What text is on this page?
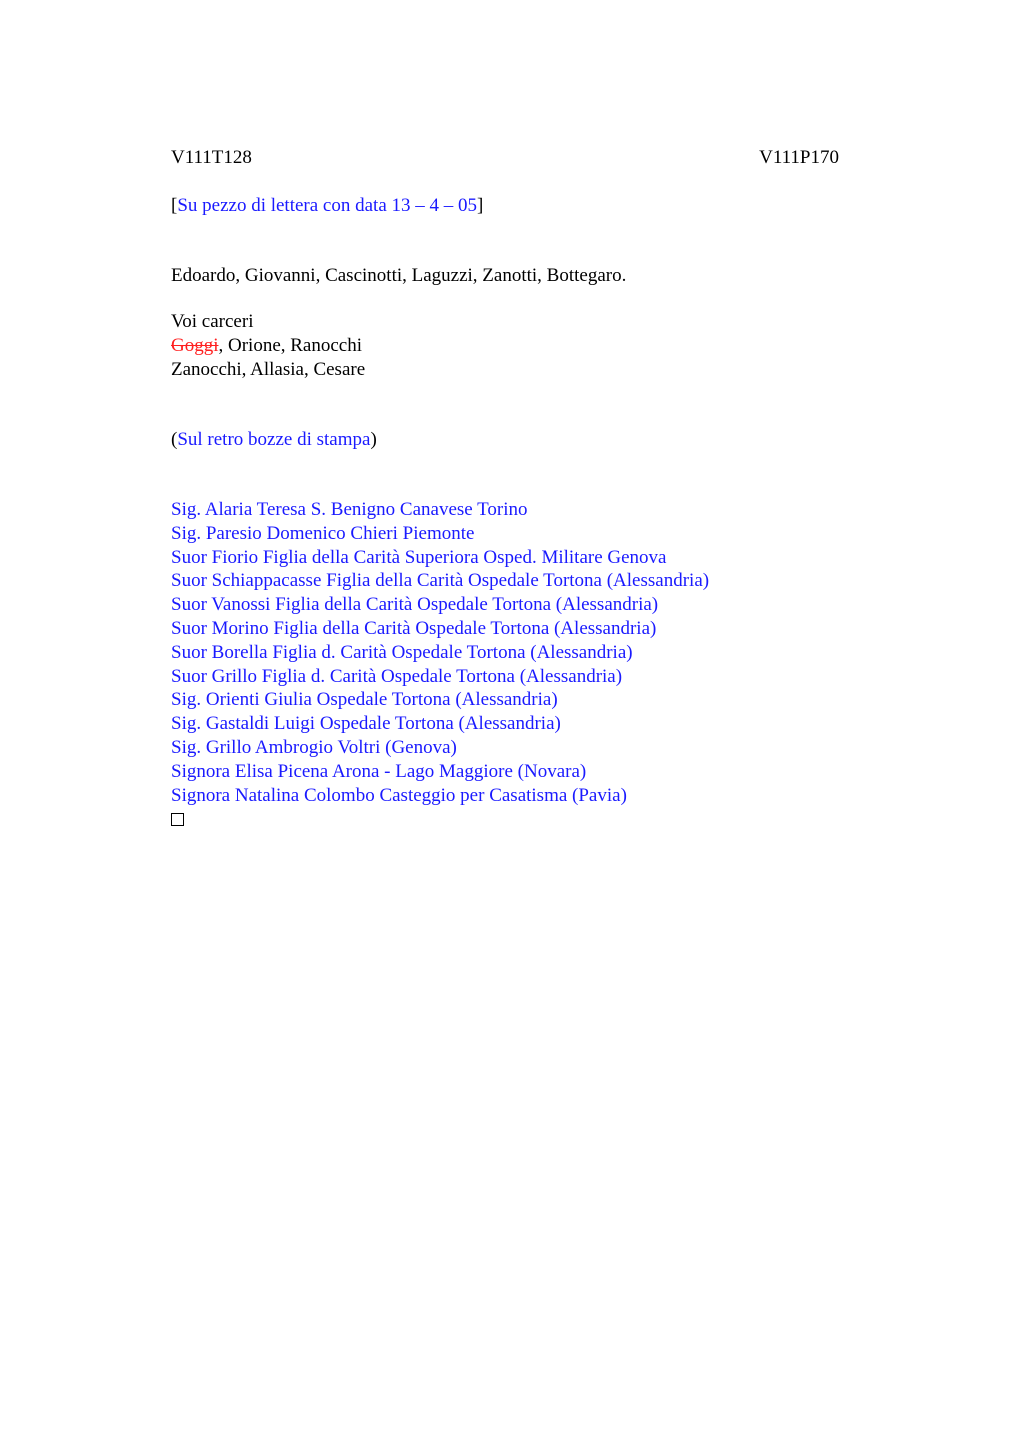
V111T128	V111P170
[Su pezzo di lettera con data 13 – 4 – 05]
Edoardo, Giovanni, Cascinotti, Laguzzi, Zanotti, Bottegaro.
Voi carceri
Goggi, Orione, Ranocchi
Zanocchi, Allasia, Cesare
(Sul retro bozze di stampa)
Sig. Alaria Teresa S. Benigno Canavese Torino
Sig. Paresio Domenico Chieri Piemonte
Suor Fiorio Figlia della Carità Superiora Osped. Militare Genova
Suor Schiappacasse Figlia della Carità Ospedale Tortona (Alessandria)
Suor Vanossi Figlia della Carità Ospedale Tortona (Alessandria)
Suor Morino Figlia della Carità Ospedale Tortona (Alessandria)
Suor Borella Figlia d. Carità Ospedale Tortona (Alessandria)
Suor Grillo Figlia d. Carità Ospedale Tortona (Alessandria)
Sig. Orienti Giulia Ospedale Tortona (Alessandria)
Sig. Gastaldi Luigi Ospedale Tortona (Alessandria)
Sig. Grillo Ambrogio Voltri (Genova)
Signora Elisa Picena Arona - Lago Maggiore (Novara)
Signora Natalina Colombo Casteggio per Casatisma (Pavia)
